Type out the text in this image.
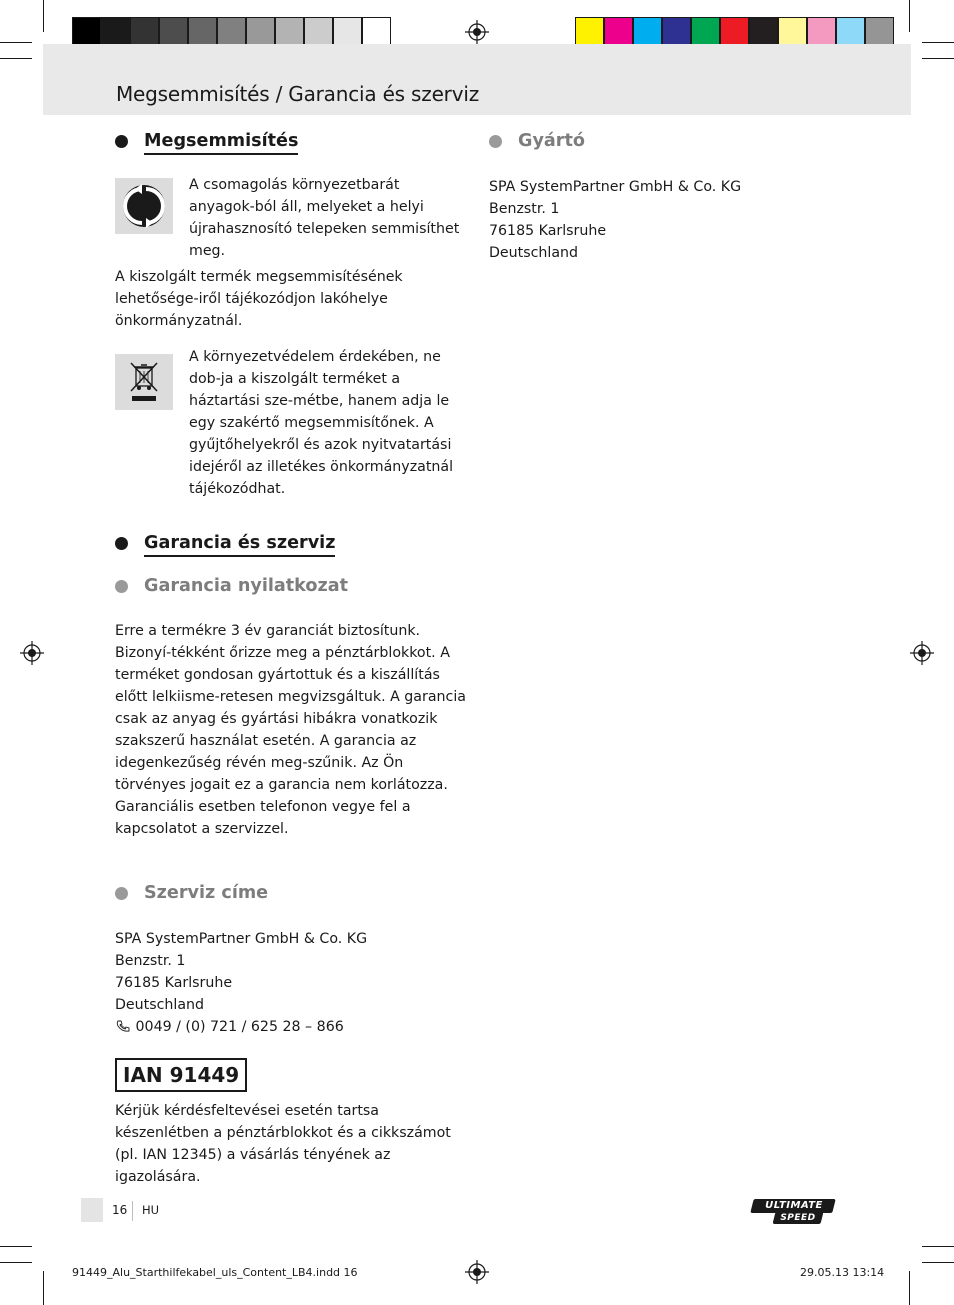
Megsemmisítés / Garancia és szerviz
Megsemmisítés

A csomagolás környezetbarát anyagok-ból áll, melyeket a helyi újrahasznosító telepeken semmisíthet meg.

A kiszolgált termék megsemmisítésének lehetősége-iről tájékozódjon lakóhelye önkormányzatnál.

A környezetvédelem érdekében, ne dob-ja a kiszolgált terméket a háztartási sze-métbe, hanem adja le egy szakértő megsemmisítőnek. A gyűjtőhelyekről és azok nyitvatartási idejéről az illetékes önkormányzatnál tájékozódhat.

Garancia és szerviz
Garancia nyilatkozat

Erre a termékre 3 év garanciát biztosítunk. Bizonyí-tékként őrizze meg a pénztárblokkot. A terméket gondosan gyártottuk és a kiszállítás előtt lelkiisme-retesen megvizsgáltuk. A garancia csak az anyag és gyártási hibákra vonatkozik szakszerű használat esetén. A garancia az idegenkezűség révén meg-szűnik. Az Ön törvényes jogait ez a garancia nem korlátozza. Garanciális esetben telefonon vegye fel a kapcsolatot a szervizzel.

Szerviz címe

SPA SystemPartner GmbH & Co. KG

Benzstr. 1

76185 Karlsruhe

Deutschland

0049 / (0) 721 / 625 28 – 866

IAN 91449

Kérjük kérdésfeltevései esetén tartsa készenlétben a pénztárblokkot és a cikkszámot (pl. IAN 12345) a vásárlás tényének az igazolására.

Gyártó

SPA SystemPartner GmbH & Co. KG

Benzstr. 1

76185 Karlsruhe

Deutschland

16 HU	ULTIMATE
SPEED
91449_Alu_Starthilfekabel_uls_Content_LB4.indd 16	29.05.13 13:14
